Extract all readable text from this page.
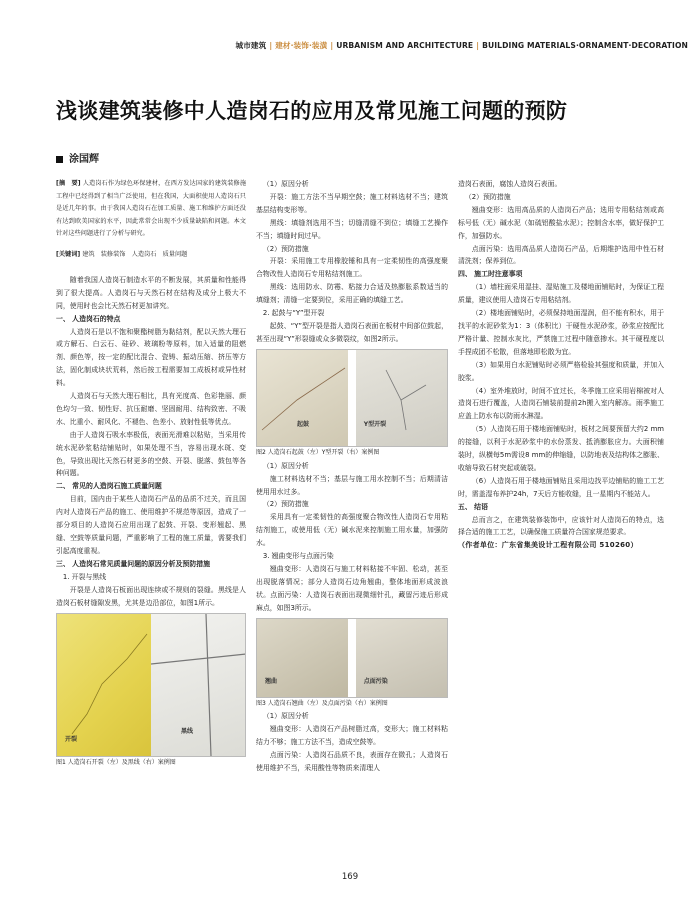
城市建筑 | 建材·装饰·装潢 | URBANISM AND ARCHITECTURE | BUILDING MATERIALS·ORNAMENT·DECORATION
浅谈建筑装修中人造岗石的应用及常见施工问题的预防
涂国辉

[摘　要] 人造岗石作为绿色环保建材，在西方发达国家的建筑装修施工程中已经得到了相当广泛使用，但在我国，大面积使用人造岗石只是近几年的事。由于我国人造岗石在加工质量、施工和维护方面还没有达到欧美国家的水平，因此常常会出现不少质量缺陷和问题。本文针对这些问题进行了分析与研究。

[关键词] 建筑　装修装饰　人造岗石　质量问题

随着我国人造岗石制造水平的不断发展，其质量和性能得到了很大提高。人造岗石与天然石材在结构及成分上极大不同，使用时也会比天然石材更加讲究。

一、 人造岗石的特点

人造岗石是以不饱和聚酯树脂为黏结剂，配以天然大理石或方解石、白云石、硅砂、玻璃粉等原料，加入适量的阻燃剂、颜色等，按一定的配比混合、瓷铸、振动压缩、挤压等方法，固化制成块状荒料，然后按工程需要加工成板材或异性材料。

人造岗石与天然大理石相比，具有光度高、色彩艳丽、颜色均匀一致、韧性好、抗压耐磨、坚固耐用、结构致密、不吸水、比重小、耐风化、不褪色、色差小、放射性低等优点。

由于人造岗石吸水率极低，表面光滑难以粘贴，当采用传统水泥砂浆粘结铺贴时，如果处理不当，容易出现水斑、变色，导致出现比天然石材更多的空鼓、开裂、脱落、鼓包等各种问题。

二、 常见的人造岗石施工质量问题

目前，国内由于某些人造岗石产品的品质不过关，而且国内对人造岗石产品的施工、使用维护不规范等原因，造成了一部分项目的人造岗石应用出现了起鼓、开裂、变形翘起、黑缝、空鼓等质量问题，严重影响了工程的施工质量，需要我们引起高度重视。

三、 人造岗石常见质量问题的原因分析及预防措施

1. 开裂与黑线

开裂是人造岗石板面出现连续或不规则的裂缝。黑线是人造岗石板材缝隙发黑，尤其是边沿部位，如图1所示。

开裂
黑线

图1 人造岗石开裂（左）及黑线（右）案例图

（1）原因分析

开裂：施工方法不当早期空鼓；施工材料选材不当；建筑基层结构变形等。

黑线：填缝剂选用不当；切缝清缝不到位；填缝工艺操作不当；填缝时间过早。

（2）预防措施

开裂：采用施工专用橡胶锤和具有一定柔韧性的高强度聚合物改性人造岗石专用粘结剂施工。

黑线：选用防水、防霉、粘接力合适及热膨胀系数适当的填缝剂；清缝一定要到位，采用正确的填缝工艺。

2. 起鼓与“Y”型开裂

起鼓、“Y”型开裂是指人造岗石表面在板材中间部位鼓起，甚至出现“Y”形裂缝或众多微裂纹，如图2所示。

起鼓	Y型开裂

图2 人造岗石起鼓（左）Y型开裂（右）案例图

（1）原因分析

施工材料选材不当；基层与施工用水控制不当；后期清洁使用用水过多。

（2）预防措施

采用具有一定柔韧性的高强度聚合物改性人造岗石专用粘结剂施工，或使用低（无）碱水泥来控制施工用水量，加强防水。

3. 翘曲变形与点面污染

翘曲变形：人造岗石与施工材料粘接不牢固、松动，甚至出现脱落情况；部分人造岗石边角翘曲，整体地面形成波浪状。点面污染：人造岗石表面出现微细针孔，藏留污迹后形成麻点，如图3所示。

翘曲	点面污染

图3 人造岗石翘曲（左）及点面污染（右）案例图

（1）原因分析

翘曲变形：人造岗石产品树脂过高，变形大；施工材料粘结力不够；施工方法不当，造成空鼓等。

点面污染：人造岗石品质不良，表面存在微孔；人造岗石使用维护不当，采用酸性等物质来清理人

造岗石表面，腐蚀人造岗石表面。

（2）预防措施

翘曲变形：选用高品质的人造岗石产品；选用专用粘结剂或高标号低（无）碱水泥（如硫铝酸盐水泥）；控制含水率，做好保护工作，加强防水。

点面污染：选用高品质人造岗石产品，后期维护选用中性石材清洗剂；保养到位。

四、 施工时注意事项

（1）墙柱面采用湿挂、湿贴施工及楼地面铺贴时，为保证工程质量，建议使用人造岗石专用粘结剂。

（2）楼地面铺贴时，必须保持地面湿润，但不能有积水，用于找平的水泥砂浆为1：3（体积比）干硬性水泥砂浆，砂浆应按配比严格计量、控制水灰比，严禁施工过程中随意掺水。其干硬程度以手捏成团不松散，但落地即松散为宜。

（3）如果用白水泥铺贴时必须严格检验其强度和质量，并加入胶浆。

（4）室外堆放时，时间不宜过长，冬季施工应采用岩棉被对人造岗石进行覆盖，人造岗石铺装前提前2h搬入室内解冻。雨季施工应盖上防水布以防雨水淋湿。

（5）人造岗石用于楼地面铺贴时，板材之间要预留大约2 mm的接缝，以利于水泥砂浆中的水份蒸发、抵消膨胀应力。大面积铺装时，纵横每5m需设8 mm的伸缩缝，以防地表及结构体之膨胀、收缩导致石材突起或破裂。

（6）人造岗石用于楼地面铺贴且采用边找平边铺贴的施工工艺时，需盖湿布养护24h，7天后方能收缝，且一星期内不能站人。

五、 结语

总而言之，在建筑装修装饰中，应该针对人造岗石的特点，选择合适的施工工艺，以确保施工质量符合国家规范要求。

（作者单位：广东省集美设计工程有限公司 510260）

169
